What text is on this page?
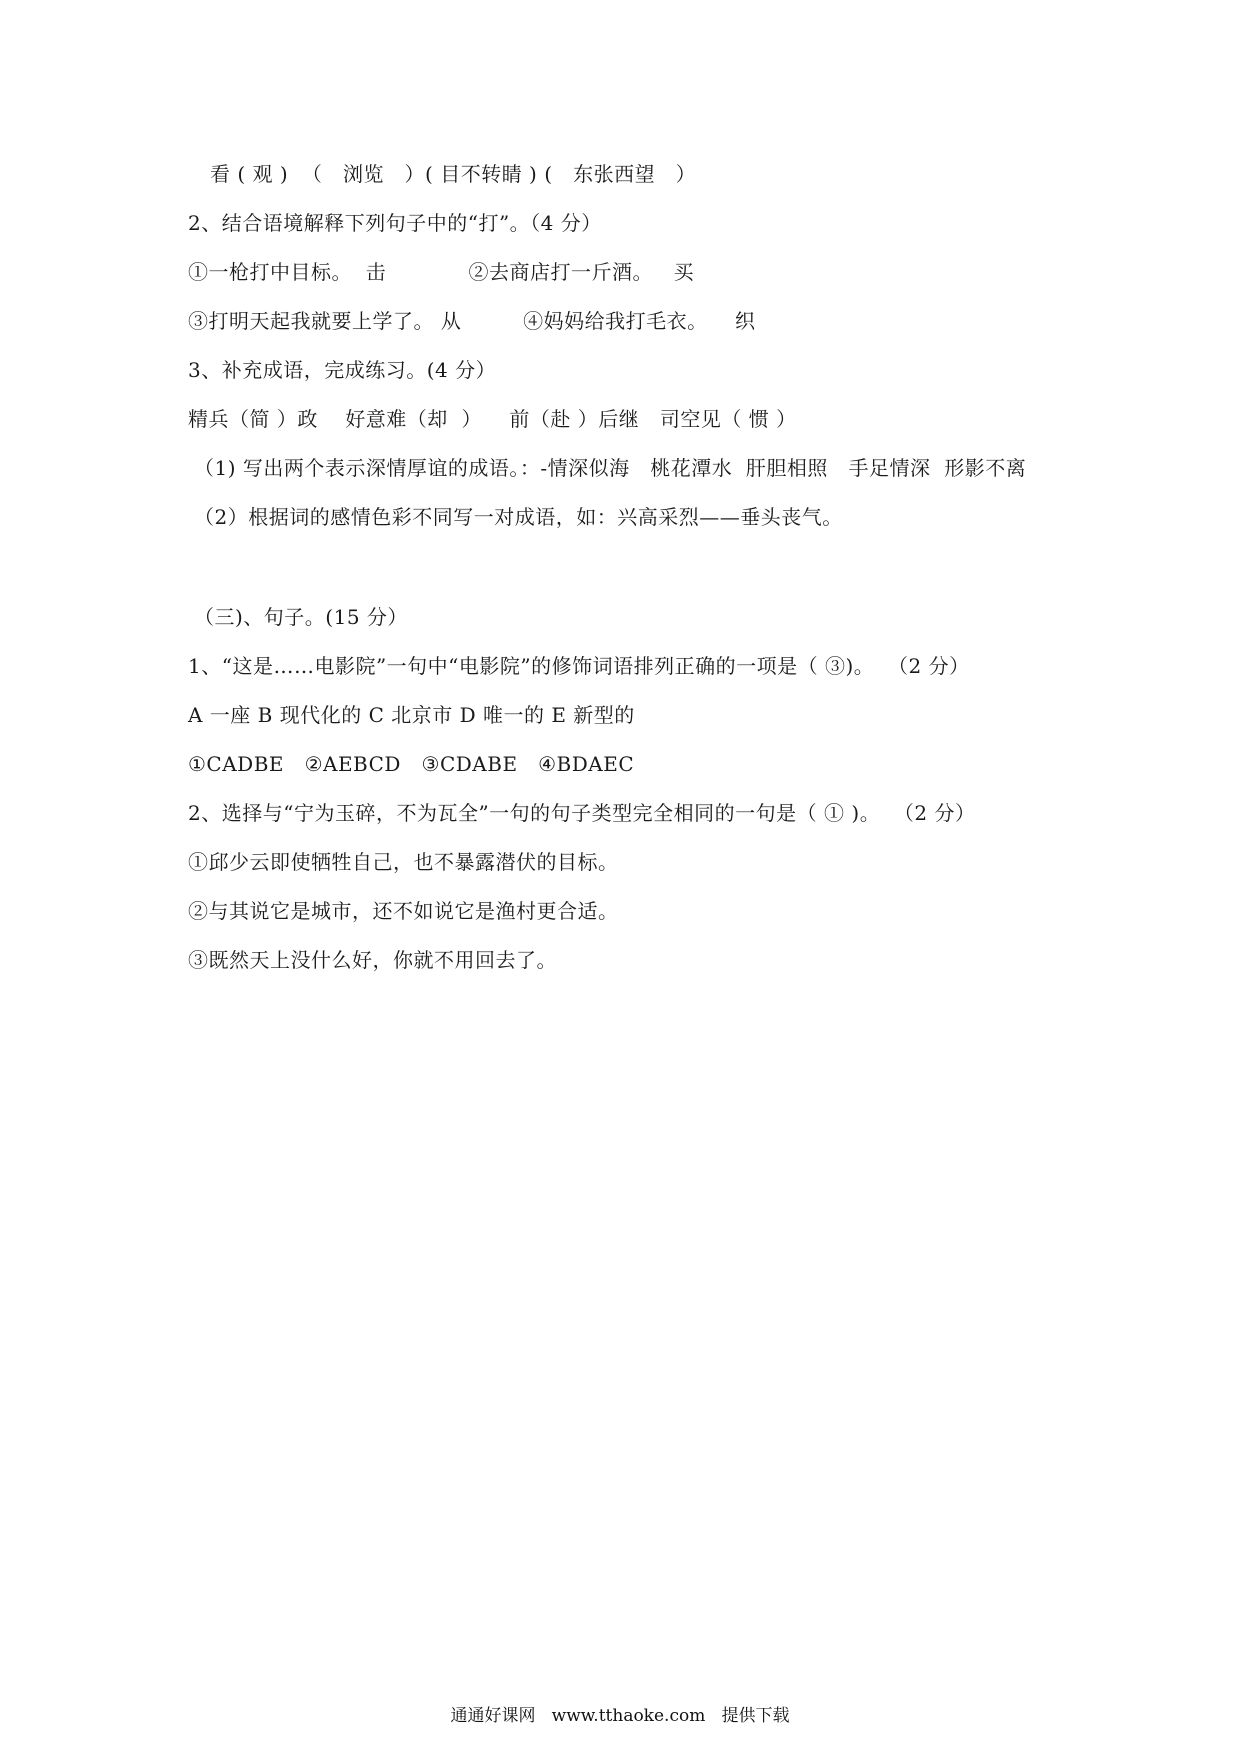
看 ( 观 )  （   浏览   ）( 目不转睛 ) (   东张西望   ）
2、结合语境解释下列句子中的“打”。（4 分）
①一枪打中目标。  击            ②去商店打一斤酒。   买
③打明天起我就要上学了。 从         ④妈妈给我打毛衣。    织
3、补充成语，完成练习。(4 分）
精兵（简 ）政    好意难（却  ）    前（赴 ）后继   司空见（ 惯 ）
（1) 写出两个表示深情厚谊的成语。：-情深似海   桃花潭水  肝胆相照   手足情深  形影不离
（2）根据词的感情色彩不同写一对成语，如：兴高采烈——垂头丧气。
（三)、句子。(15 分）
1、“这是……电影院”一句中“电影院”的修饰词语排列正确的一项是（ ③)。  （2 分）
A 一座 B 现代化的 C 北京市 D 唯一的 E 新型的
①CADBE   ②AEBCD   ③CDABE   ④BDAEC
2、选择与“宁为玉碎，不为瓦全”一句的句子类型完全相同的一句是（ ① )。  （2 分）
①邱少云即使牺牲自己，也不暴露潜伏的目标。
②与其说它是城市，还不如说它是渔村更合适。
③既然天上没什么好，你就不用回去了。
通通好课网   www.tthaoke.com   提供下载
